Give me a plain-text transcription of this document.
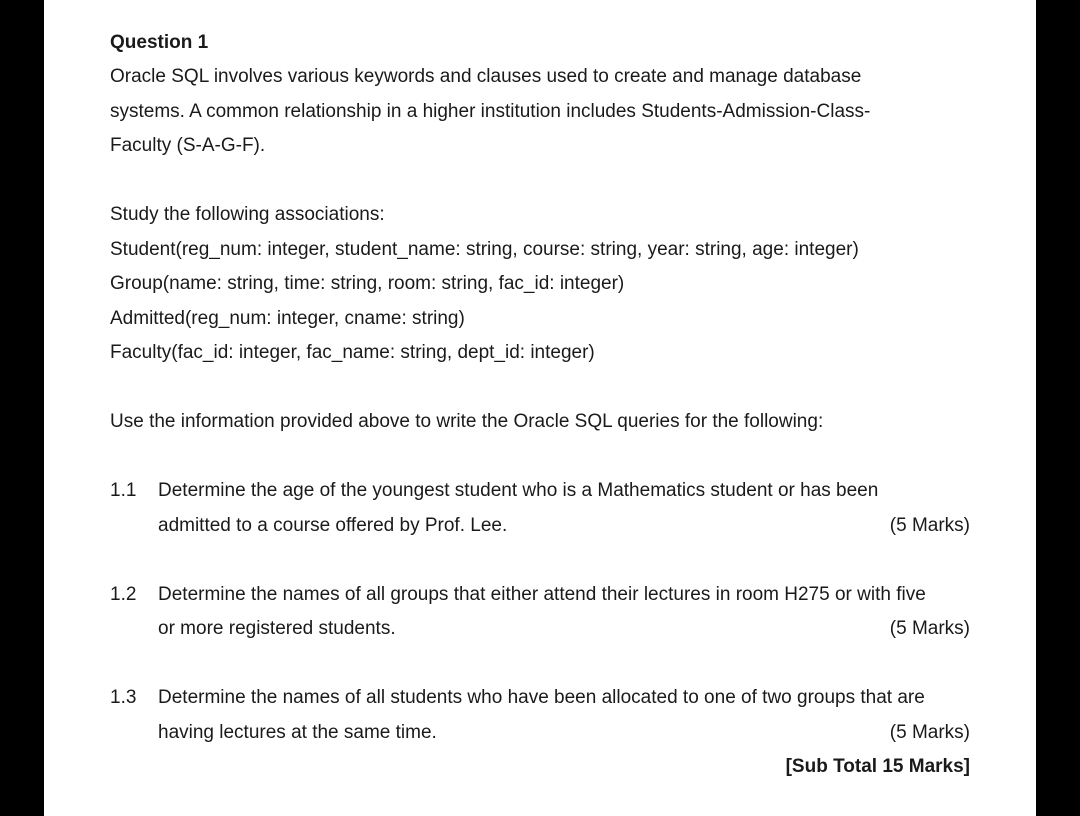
Question 1
Oracle SQL involves various keywords and clauses used to create and manage database
systems. A common relationship in a higher institution includes Students-Admission-Class-
Faculty (S-A-G-F).
Study the following associations:
Student(reg_num: integer, student_name: string, course: string, year: string, age: integer)
Group(name: string, time: string, room: string, fac_id: integer)
Admitted(reg_num: integer, cname: string)
Faculty(fac_id: integer, fac_name: string, dept_id: integer)
Use the information provided above to write the Oracle SQL queries for the following:
1.1 Determine the age of the youngest student who is a Mathematics student or has been
admitted to a course offered by Prof. Lee.	(5 Marks)
1.2 Determine the names of all groups that either attend their lectures in room H275 or with five
or more registered students.	(5 Marks)
1.3 Determine the names of all students who have been allocated to one of two groups that are
having lectures at the same time.	(5 Marks)
[Sub Total 15 Marks]
